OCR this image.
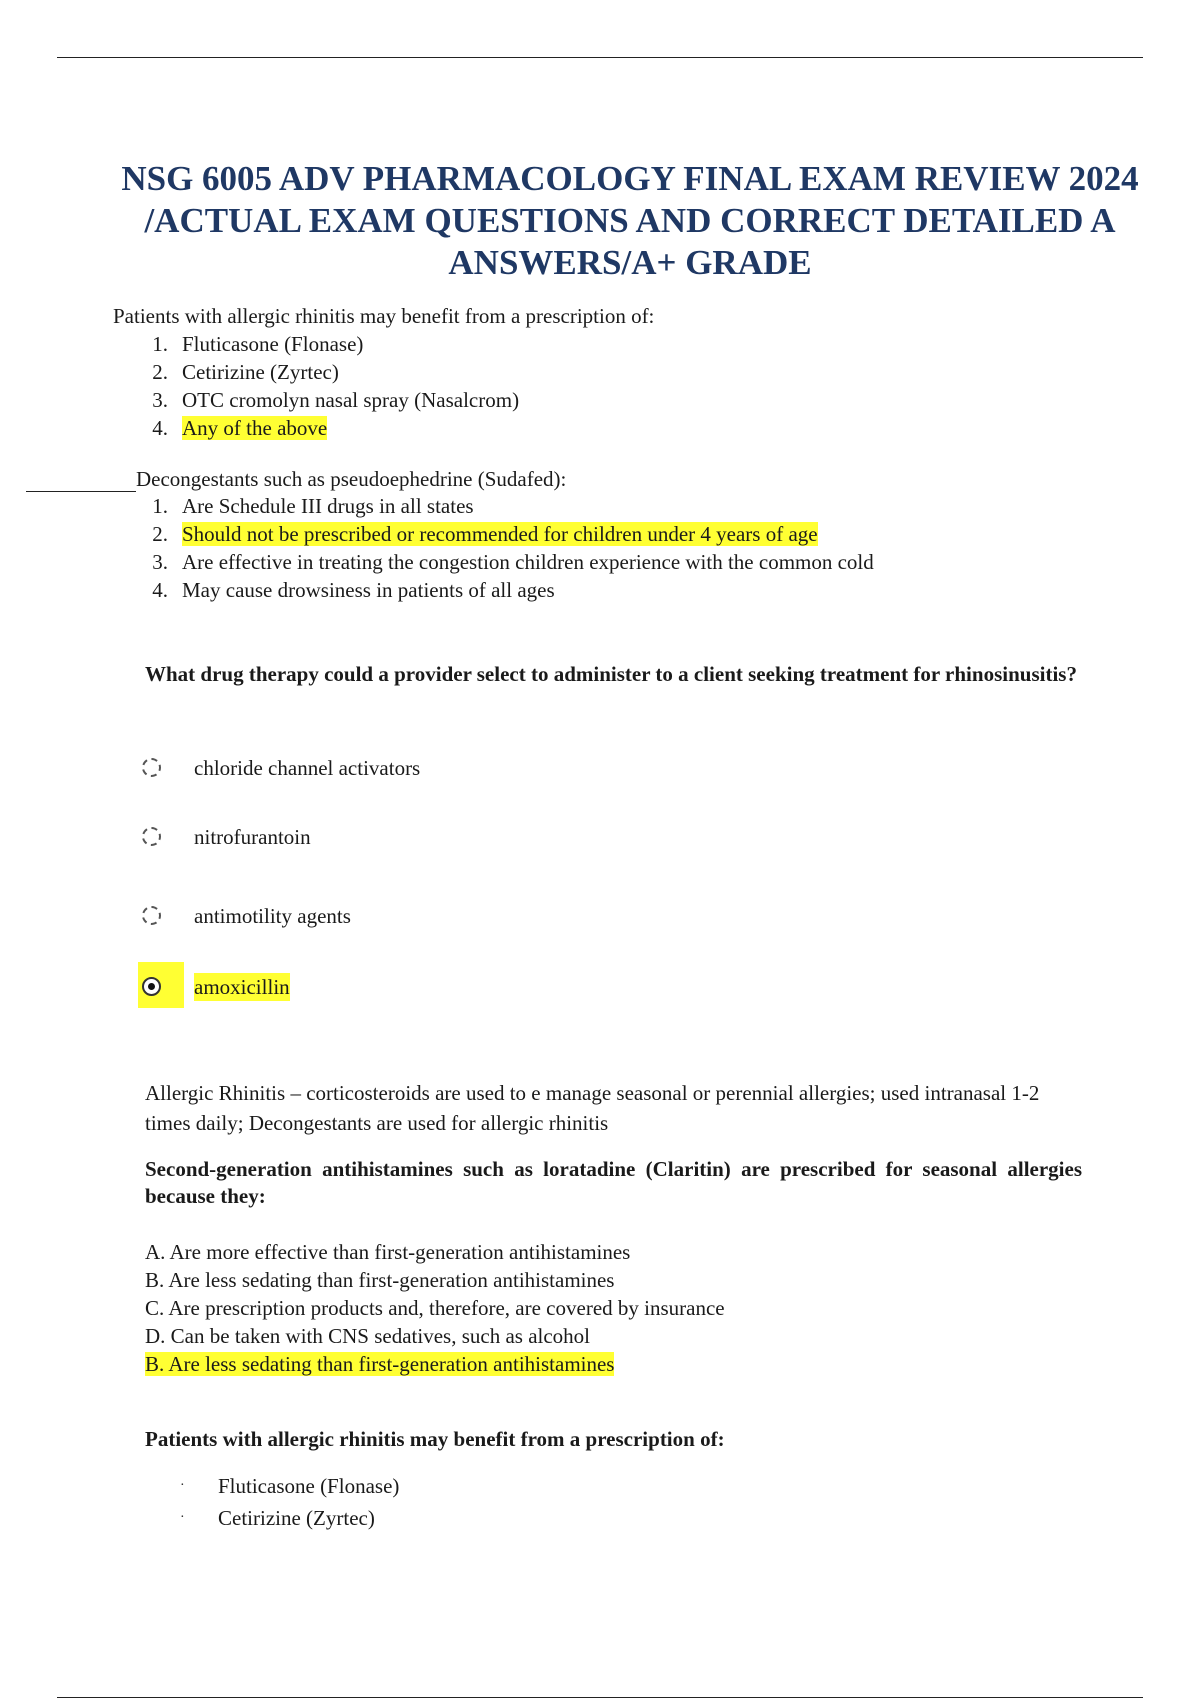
NSG 6005 ADV PHARMACOLOGY FINAL EXAM REVIEW 2024 /ACTUAL EXAM QUESTIONS AND CORRECT DETAILED A ANSWERS/A+ GRADE
Patients with allergic rhinitis may benefit from a prescription of:
1. Fluticasone (Flonase)
2. Cetirizine (Zyrtec)
3. OTC cromolyn nasal spray (Nasalcrom)
4. Any of the above
Decongestants such as pseudoephedrine (Sudafed):
1. Are Schedule III drugs in all states
2. Should not be prescribed or recommended for children under 4 years of age
3. Are effective in treating the congestion children experience with the common cold
4. May cause drowsiness in patients of all ages
What drug therapy could a provider select to administer to a client seeking treatment for rhinosinusitis?
chloride channel activators
nitrofurantoin
antimotility agents
amoxicillin
Allergic Rhinitis – corticosteroids are used to e manage seasonal or perennial allergies; used intranasal 1-2 times daily; Decongestants are used for allergic rhinitis
Second-generation antihistamines such as loratadine (Claritin) are prescribed for seasonal allergies because they:
A. Are more effective than first-generation antihistamines
B. Are less sedating than first-generation antihistamines
C. Are prescription products and, therefore, are covered by insurance
D. Can be taken with CNS sedatives, such as alcohol
B. Are less sedating than first-generation antihistamines
Patients with allergic rhinitis may benefit from a prescription of:
· Fluticasone (Flonase)
· Cetirizine (Zyrtec)
